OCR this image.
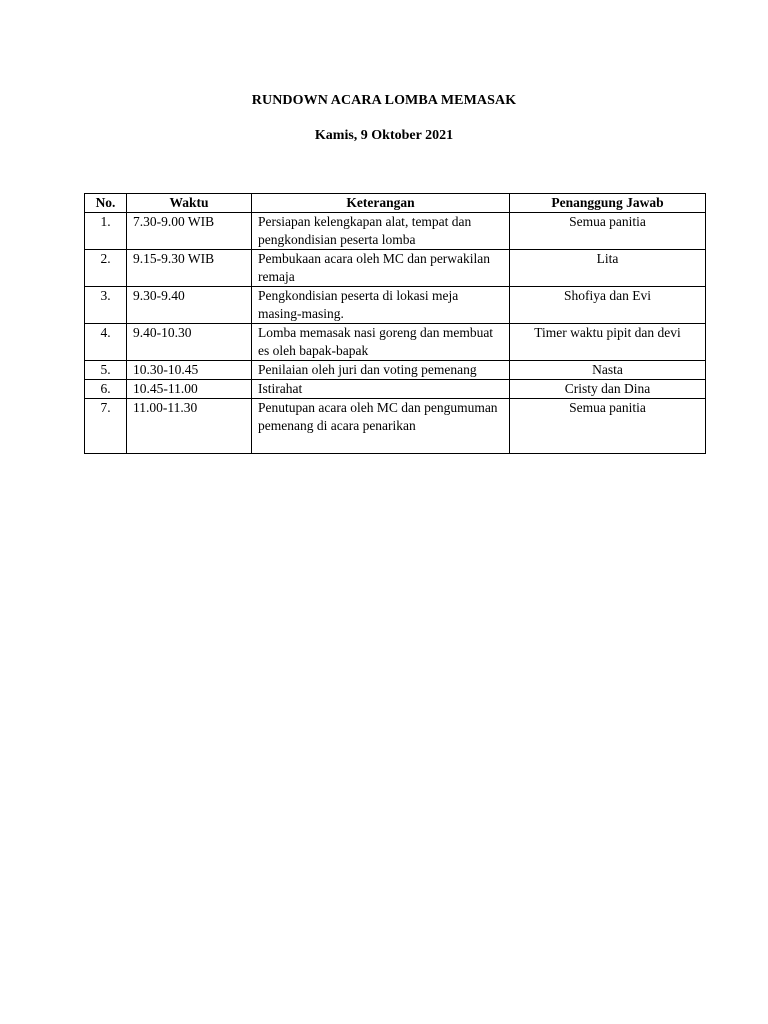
RUNDOWN ACARA LOMBA MEMASAK
Kamis, 9 Oktober 2021
No.	Waktu	Keterangan	Penanggung Jawab
1.	7.30-9.00 WIB	Persiapan kelengkapan alat, tempat dan pengkondisian peserta lomba	Semua panitia
2.	9.15-9.30 WIB	Pembukaan acara oleh MC dan perwakilan remaja	Lita
3.	9.30-9.40	Pengkondisian peserta di lokasi meja masing-masing.	Shofiya dan Evi
4.	9.40-10.30	Lomba memasak nasi goreng dan membuat es oleh bapak-bapak	Timer waktu pipit dan devi
5.	10.30-10.45	Penilaian oleh juri dan voting pemenang	Nasta
6.	10.45-11.00	Istirahat	Cristy dan Dina
7.	11.00-11.30	Penutupan acara oleh MC dan pengumuman pemenang di acara penarikan	Semua panitia
